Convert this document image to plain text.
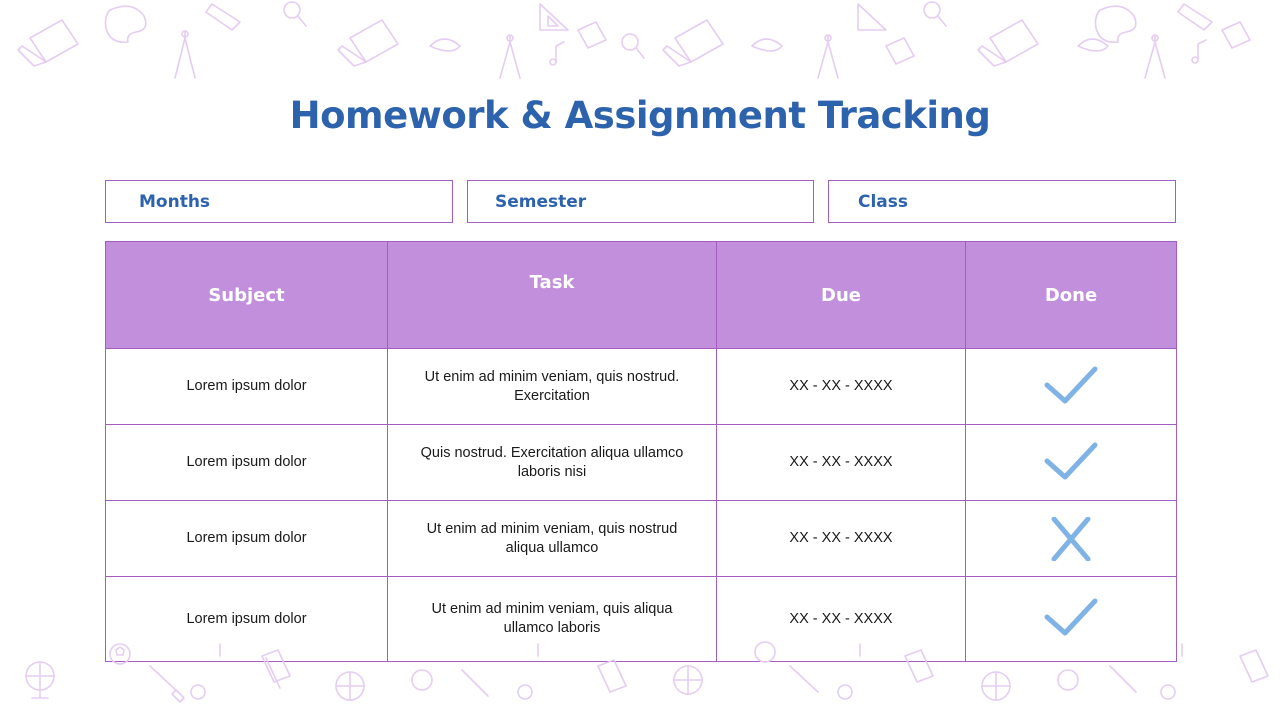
Homework & Assignment Tracking
Months	Semester	Class
Subject	Task	Due	Done
Lorem ipsum dolor	Ut enim ad minim veniam, quis nostrud. Exercitation	XX - XX - XXXX	
Lorem ipsum dolor	Quis nostrud. Exercitation aliqua ullamco laboris nisi	XX - XX - XXXX	
Lorem ipsum dolor	Ut enim ad minim veniam, quis nostrud aliqua ullamco	XX - XX - XXXX	
Lorem ipsum dolor	Ut enim ad minim veniam, quis aliqua ullamco laboris	XX - XX - XXXX	
